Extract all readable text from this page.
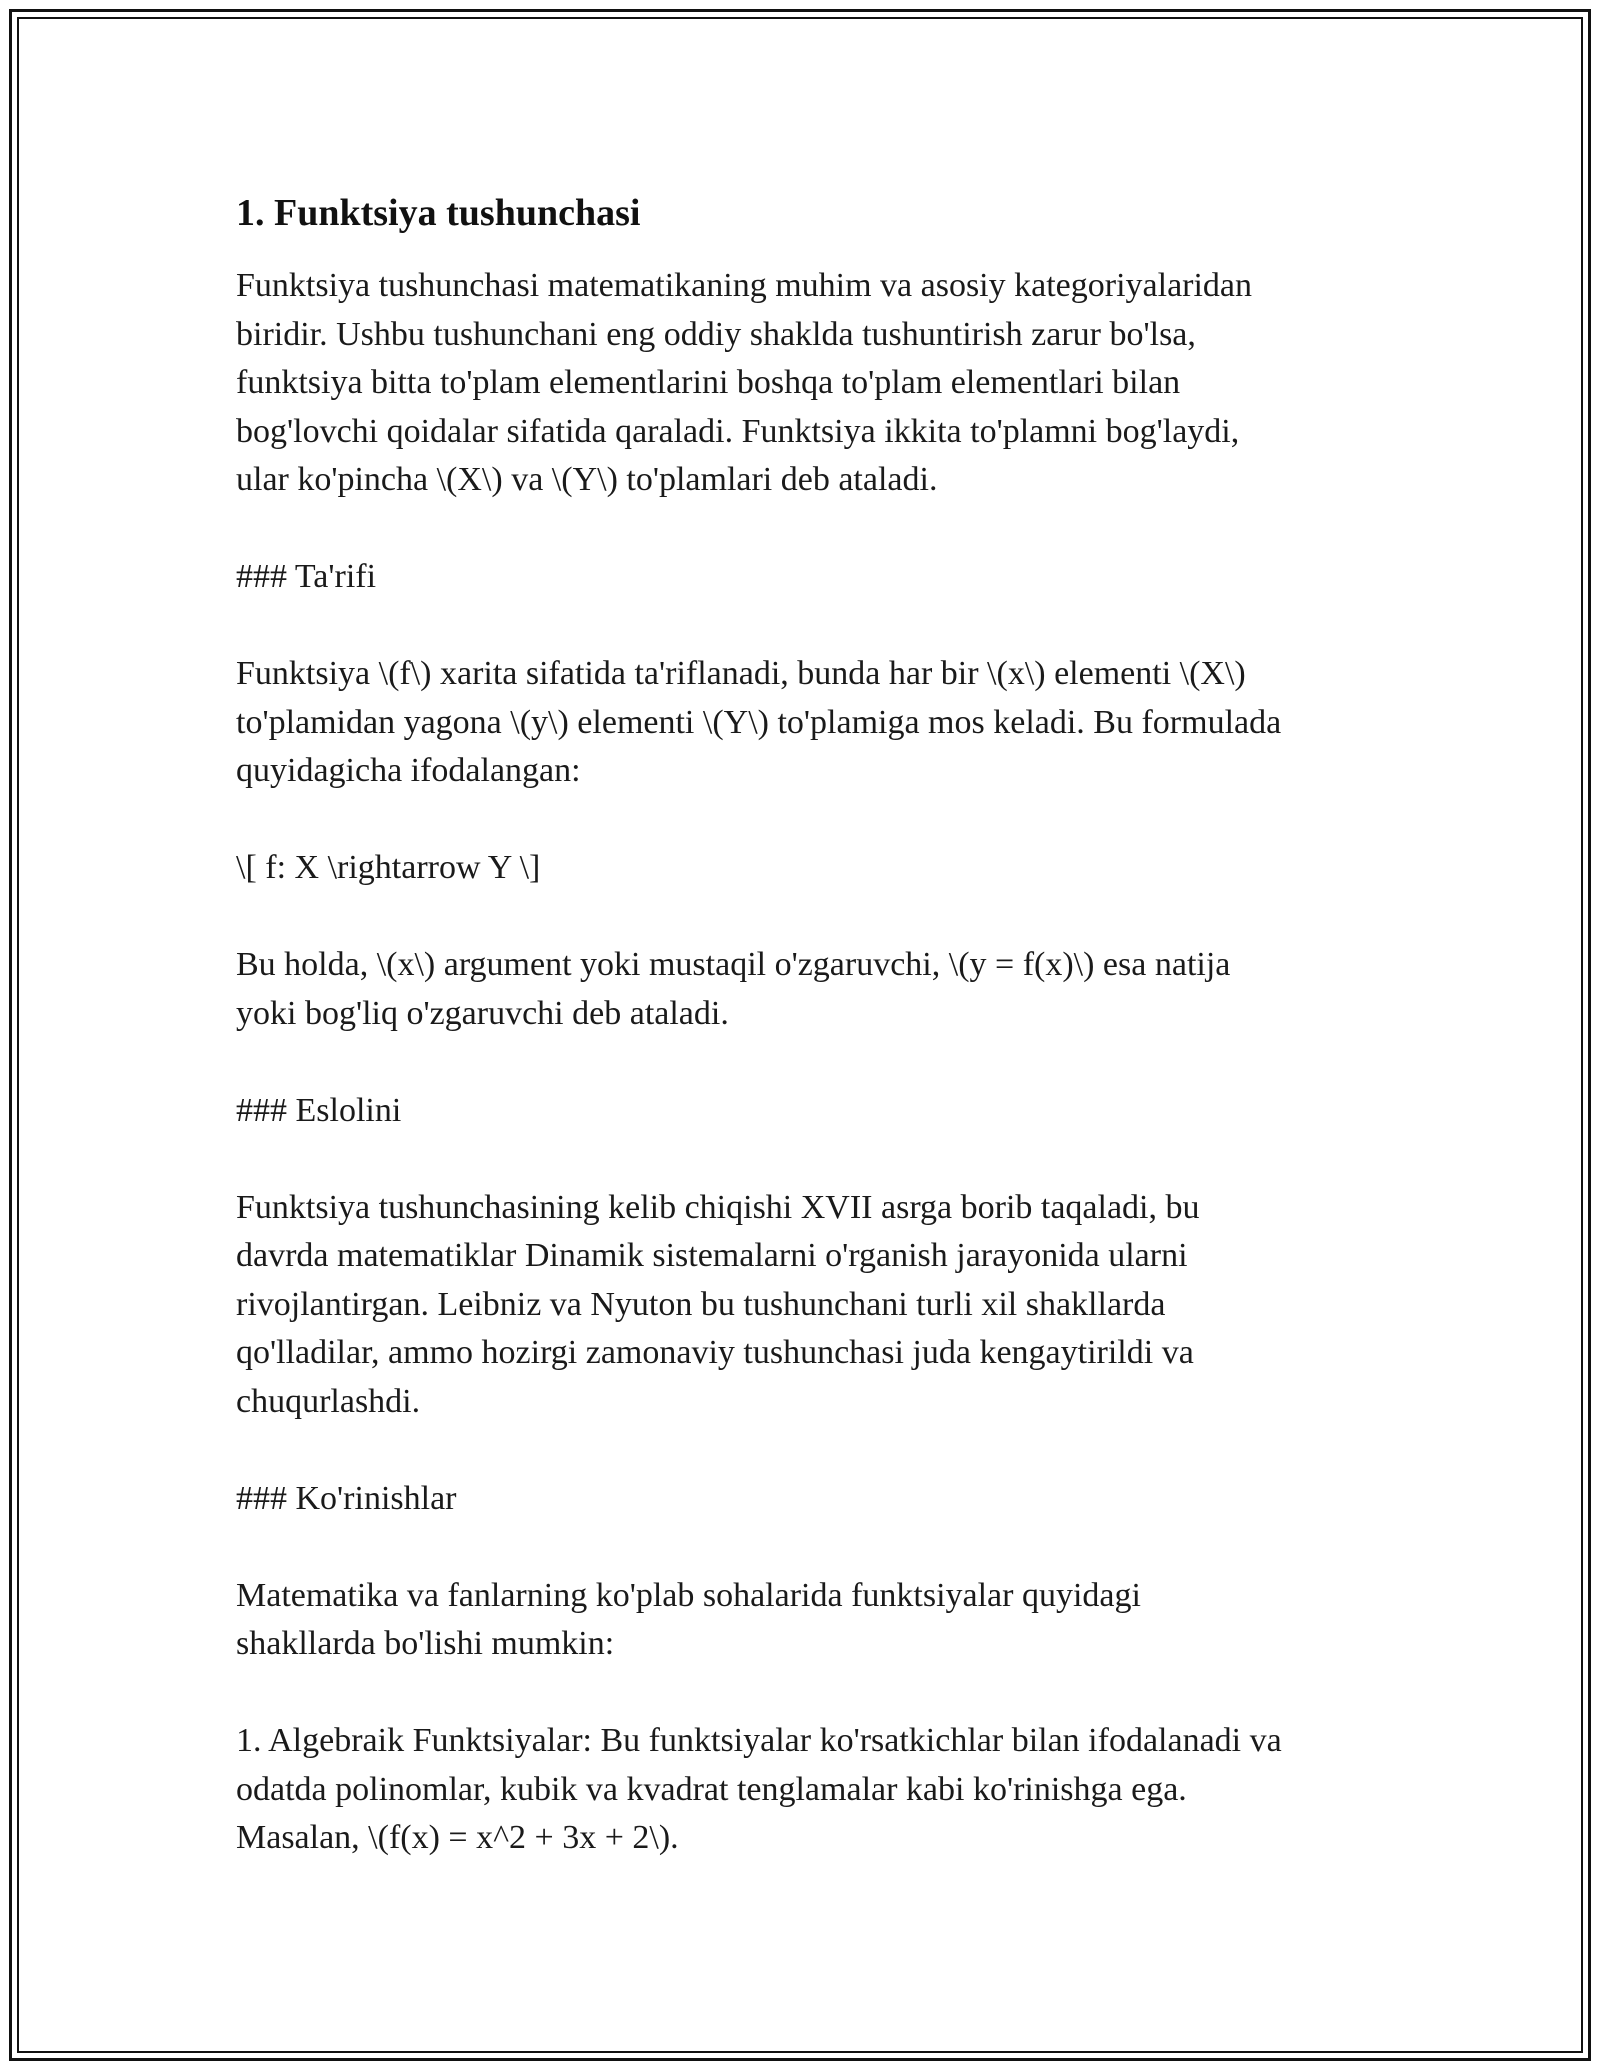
1. Funktsiya tushunchasi
Funktsiya tushunchasi matematikaning muhim va asosiy kategoriyalaridan
biridir. Ushbu tushunchani eng oddiy shaklda tushuntirish zarur bo'lsa,
funktsiya bitta to'plam elementlarini boshqa to'plam elementlari bilan
bog'lovchi qoidalar sifatida qaraladi. Funktsiya ikkita to'plamni bog'laydi,
ular ko'pincha \(X\) va \(Y\) to'plamlari deb ataladi.
### Ta'rifi
Funktsiya \(f\) xarita sifatida ta'riflanadi, bunda har bir \(x\) elementi \(X\)
to'plamidan yagona \(y\) elementi \(Y\) to'plamiga mos keladi. Bu formulada
quyidagicha ifodalangan:
\[ f: X \rightarrow Y \]
Bu holda, \(x\) argument yoki mustaqil o'zgaruvchi, \(y = f(x)\) esa natija
yoki bog'liq o'zgaruvchi deb ataladi.
### Eslolini
Funktsiya tushunchasining kelib chiqishi XVII asrga borib taqaladi, bu
davrda matematiklar Dinamik sistemalarni o'rganish jarayonida ularni
rivojlantirgan. Leibniz va Nyuton bu tushunchani turli xil shakllarda
qo'lladilar, ammo hozirgi zamonaviy tushunchasi juda kengaytirildi va
chuqurlashdi.
### Ko'rinishlar
Matematika va fanlarning ko'plab sohalarida funktsiyalar quyidagi
shakllarda bo'lishi mumkin:
1. Algebraik Funktsiyalar: Bu funktsiyalar ko'rsatkichlar bilan ifodalanadi va
odatda polinomlar, kubik va kvadrat tenglamalar kabi ko'rinishga ega.
Masalan, \(f(x) = x^2 + 3x + 2\).
